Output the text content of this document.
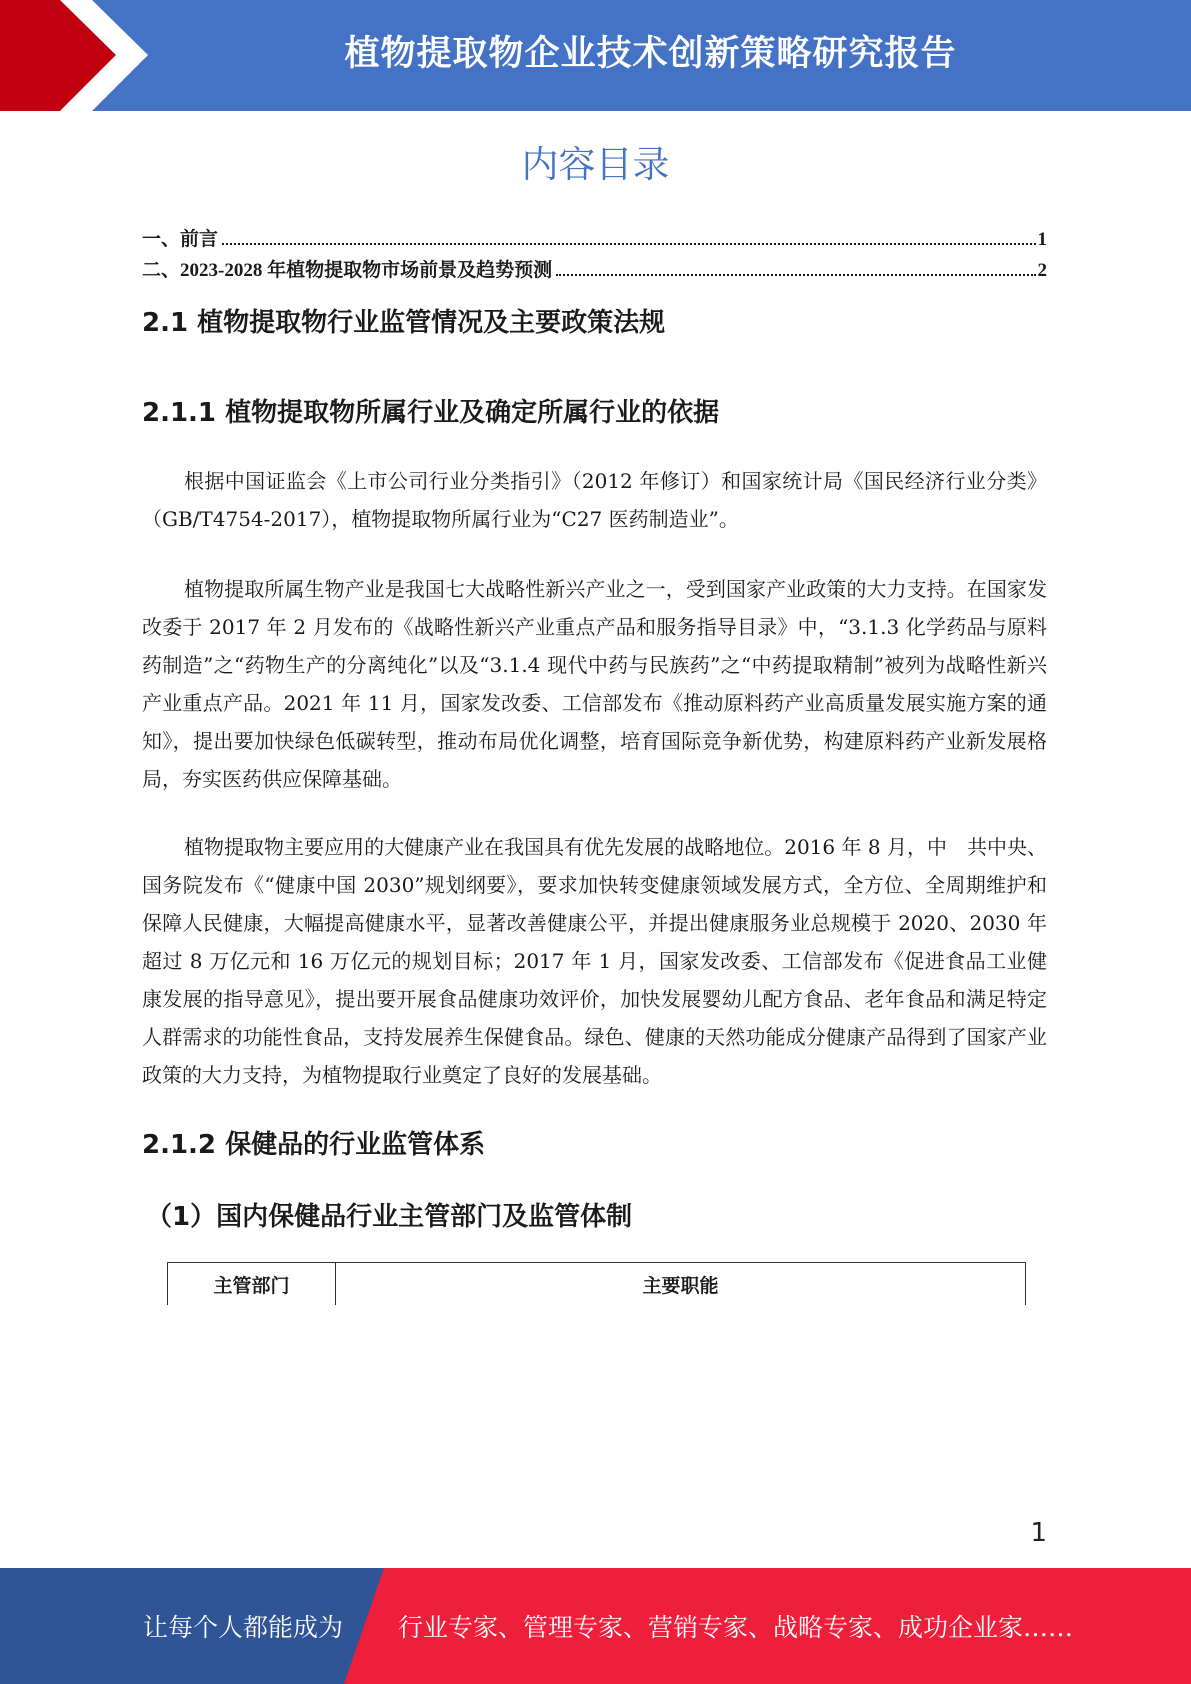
植物提取物企业技术创新策略研究报告
内容目录
一、前言	1
二、2023-2028 年植物提取物市场前景及趋势预测	2
2.1 植物提取物行业监管情况及主要政策法规
2.1.1 植物提取物所属行业及确定所属行业的依据

根据中国证监会《上市公司行业分类指引》（2012 年修订）和国家统计局《国民经济行业分类》（GB/T4754-2017），植物提取物所属行业为“C27 医药制造业”。

植物提取所属生物产业是我国七大战略性新兴产业之一，受到国家产业政策的大力支持。在国家发改委于 2017 年 2 月发布的《战略性新兴产业重点产品和服务指导目录》中，“3.1.3 化学药品与原料药制造”之“药物生产的分离纯化”以及“3.1.4 现代中药与民族药”之“中药提取精制”被列为战略性新兴产业重点产品。2021 年 11 月，国家发改委、工信部发布《推动原料药产业高质量发展实施方案的通知》，提出要加快绿色低碳转型，推动布局优化调整，培育国际竞争新优势，构建原料药产业新发展格局，夯实医药供应保障基础。

植物提取物主要应用的大健康产业在我国具有优先发展的战略地位。2016 年 8 月，中　共中央、国务院发布《“健康中国 2030”规划纲要》，要求加快转变健康领域发展方式，全方位、全周期维护和保障人民健康，大幅提高健康水平，显著改善健康公平，并提出健康服务业总规模于 2020、2030 年超过 8 万亿元和 16 万亿元的规划目标；2017 年 1 月，国家发改委、工信部发布《促进食品工业健康发展的指导意见》，提出要开展食品健康功效评价，加快发展婴幼儿配方食品、老年食品和满足特定人群需求的功能性食品，支持发展养生保健食品。绿色、健康的天然功能成分健康产品得到了国家产业政策的大力支持，为植物提取行业奠定了良好的发展基础。

2.1.2 保健品的行业监管体系
（1）国内保健品行业主管部门及监管体制
主管部门	主要职能
1
让每个人都能成为 行业专家、管理专家、营销专家、战略专家、成功企业家……
